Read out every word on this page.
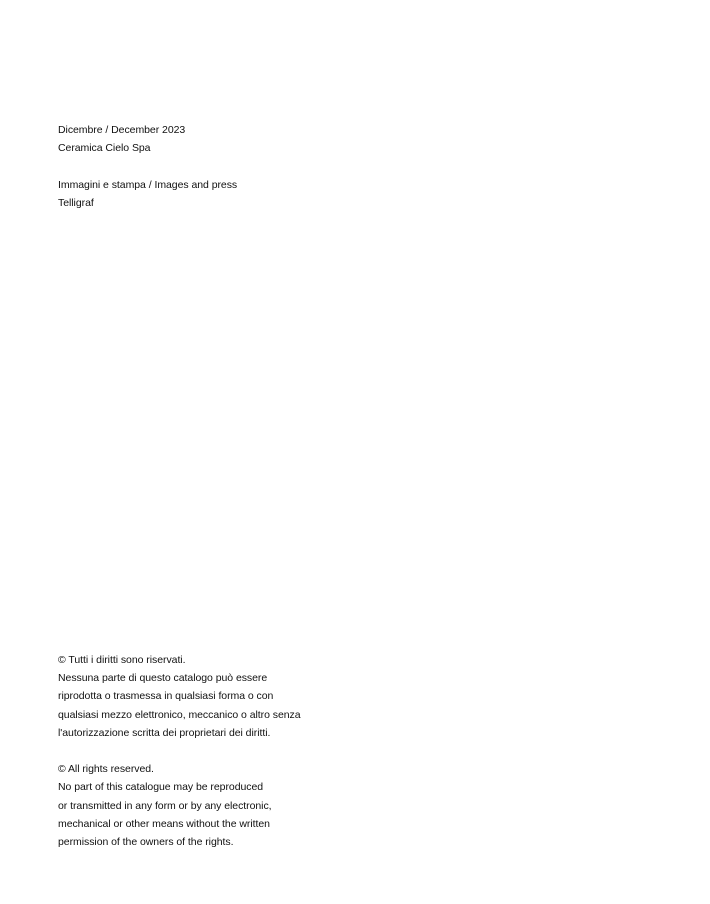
Dicembre / December 2023

Ceramica Cielo Spa

Immagini e stampa / Images and press

Telligraf

© Tutti i diritti sono riservati.

Nessuna parte di questo catalogo può essere

riprodotta o trasmessa in qualsiasi forma o con

qualsiasi mezzo elettronico, meccanico o altro senza

l'autorizzazione scritta dei proprietari dei diritti.

© All rights reserved.

No part of this catalogue may be reproduced

or transmitted in any form or by any electronic,

mechanical or other means without the written

permission of the owners of the rights.
